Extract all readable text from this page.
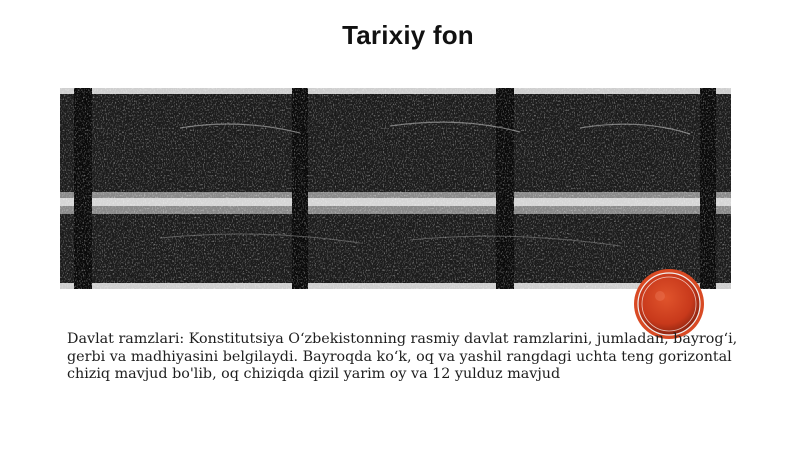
Tarixiy fon
Davlat ramzlari: Konstitutsiya O‘zbekistonning rasmiy davlat ramzlarini, jumladan, bayrog‘i, gerbi va madhiyasini belgilaydi. Bayroqda ko‘k, oq va yashil rangdagi uchta teng gorizontal chiziq mavjud bo'lib, oq chiziqda qizil yarim oy va 12 yulduz mavjud
